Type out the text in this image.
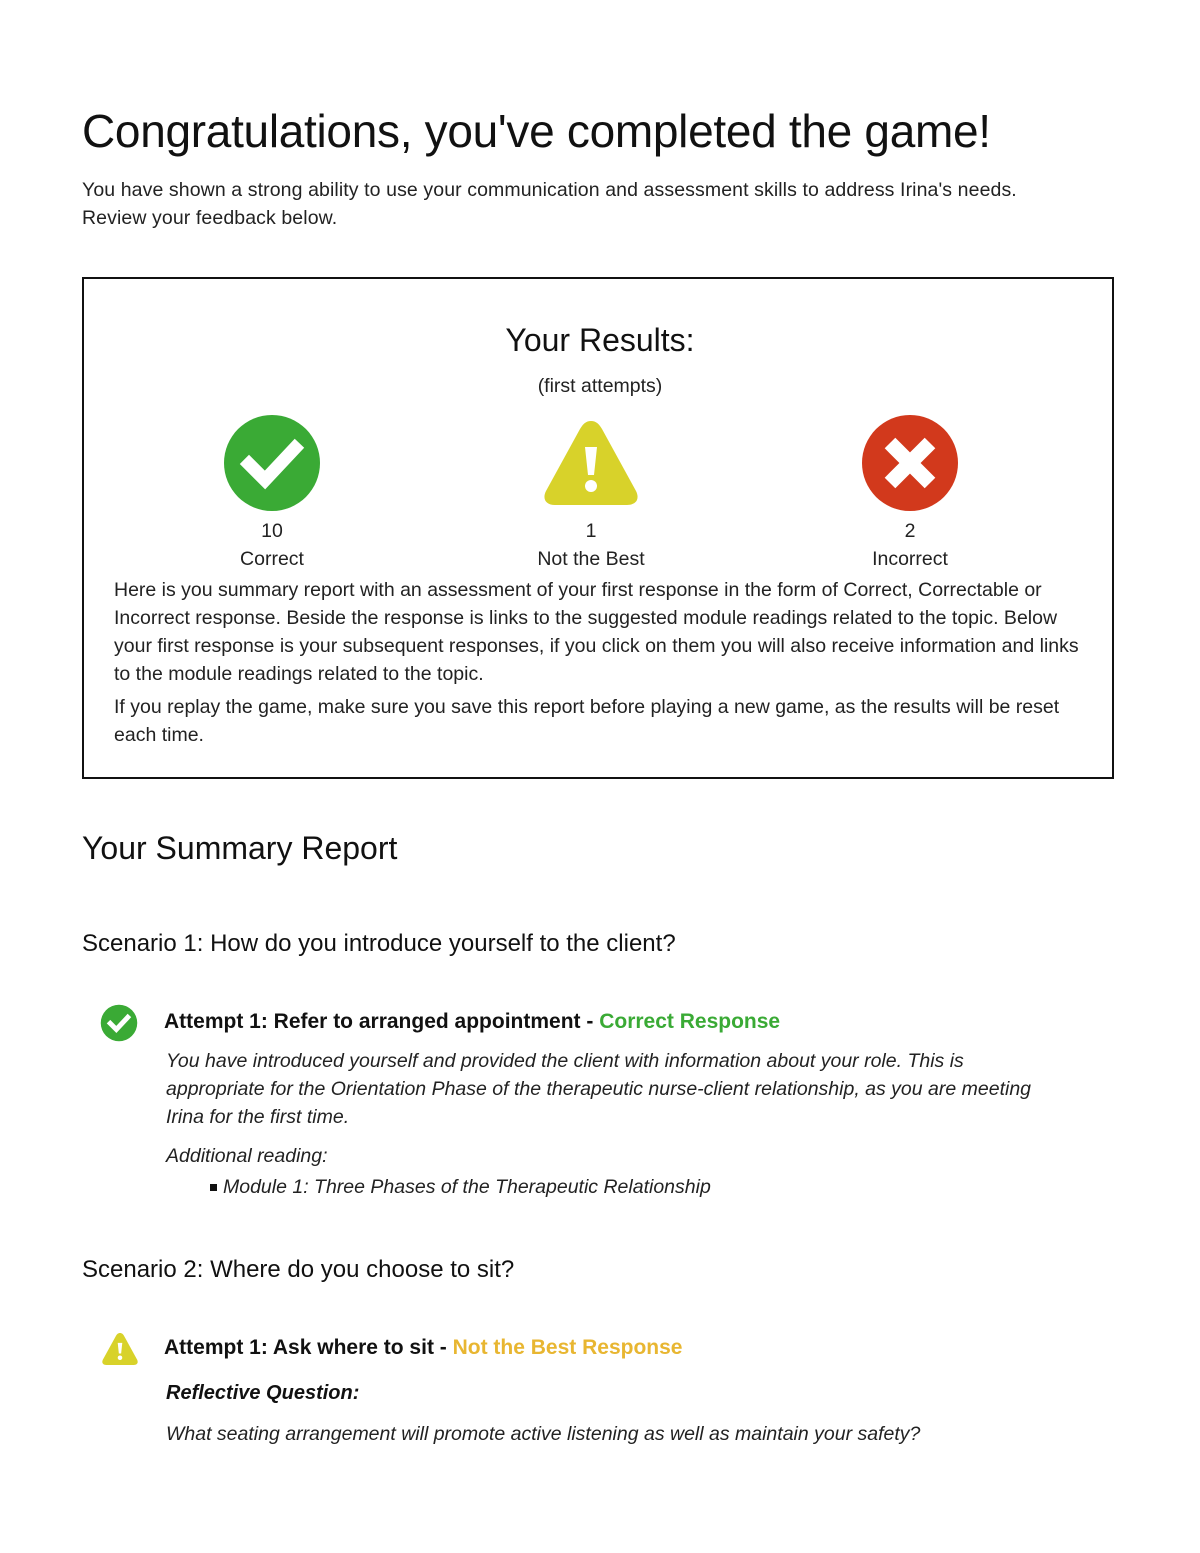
Congratulations, you've completed the game!
You have shown a strong ability to use your communication and assessment skills to address Irina's needs.
Review your feedback below.
Your Results:
(first attempts)
10
Correct
1
Not the Best
2
Incorrect

Here is you summary report with an assessment of your first response in the form of Correct, Correctable or Incorrect response. Beside the response is links to the suggested module readings related to the topic. Below your first response is your subsequent responses, if you click on them you will also receive information and links to the module readings related to the topic.

If you replay the game, make sure you save this report before playing a new game, as the results will be reset each time.

Your Summary Report
Scenario 1: How do you introduce yourself to the client?
Attempt 1: Refer to arranged appointment - Correct Response
You have introduced yourself and provided the client with information about your role. This is appropriate for the Orientation Phase of the therapeutic nurse-client relationship, as you are meeting Irina for the first time.
Additional reading:
Module 1: Three Phases of the Therapeutic Relationship
Scenario 2: Where do you choose to sit?
Attempt 1: Ask where to sit - Not the Best Response
Reflective Question:
What seating arrangement will promote active listening as well as maintain your safety?
